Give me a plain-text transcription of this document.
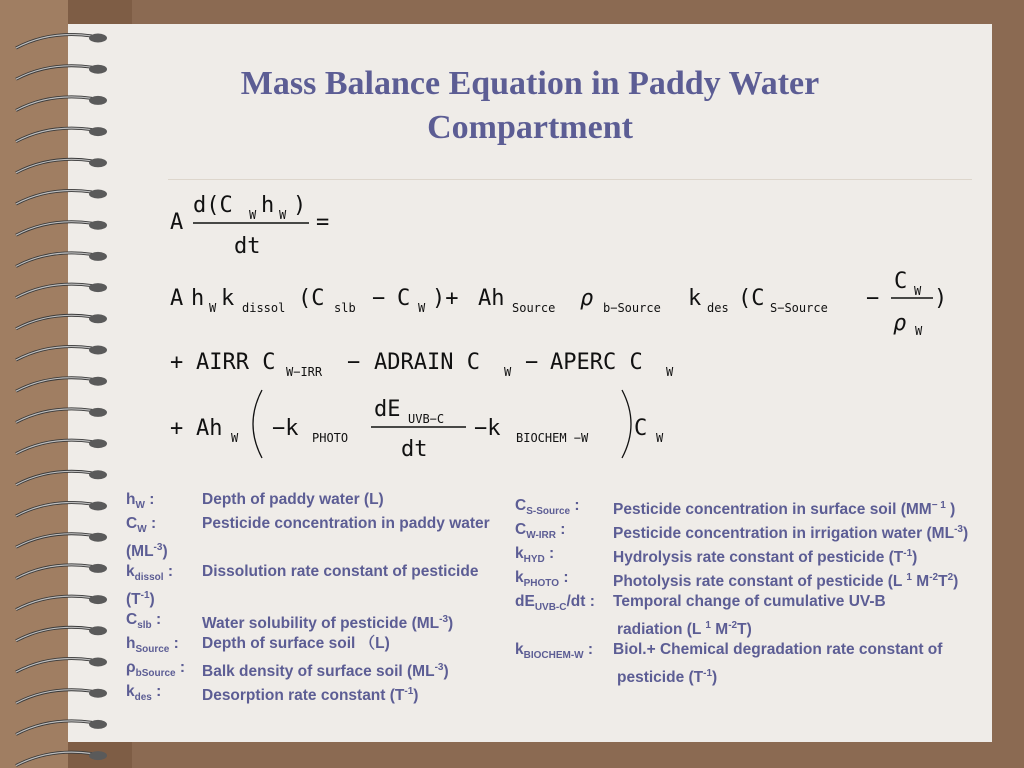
Mass Balance Equation in Paddy Water
Compartment
A
d(C W h W )
dt
=
A h W k dissol (C slb − C W )+ Ah Source ρ b−Source k des (C S−Source −
C W
ρ W
)
+ AIRR C W−IRR − ADRAIN C W − APERC C W
+ Ah W −k PHOTO
dE UVB−C
dt
−k BIOCHEM −W C W
$h_W$ :	Depth of paddy water (L)
$C_W$ :	Pesticide concentration in paddy water
$(ML^{-3})$
$k_{dissol}$ : Dissolution rate constant of pesticide
$(T^{-1})$
$C_{slb}$ :	Water solubility of pesticide $(ML^{-3})$
$h_{Source}$ : Depth of surface soil （L)
$\rho_{bSource}$ : Balk density of surface soil $(ML^{-3})$
$k_{des}$ :	Desorption rate constant $(T^{-1})$
$C_{S-Source}$ : Pesticide concentration in surface soil ($MM^{- 1}$ )
$C_{W-IRR}$ :	Pesticide concentration in irrigation water $(ML^{-3})$
$k_{HYD}$ :	Hydrolysis rate constant of pesticide $(T^{-1})$
$k_{PHOTO}$ :	Photolysis rate constant of pesticide (L $^1$ $M^{-2}T^2$)
$dE_{UVB-C}/dt$ : Temporal change of cumulative UV-B
radiation (L $^1$ $M^{-2}T$)
$k_{BIOCHEM-W}$ : Biol.+ Chemical degradation rate constant of
pesticide $(T^{-1})$
